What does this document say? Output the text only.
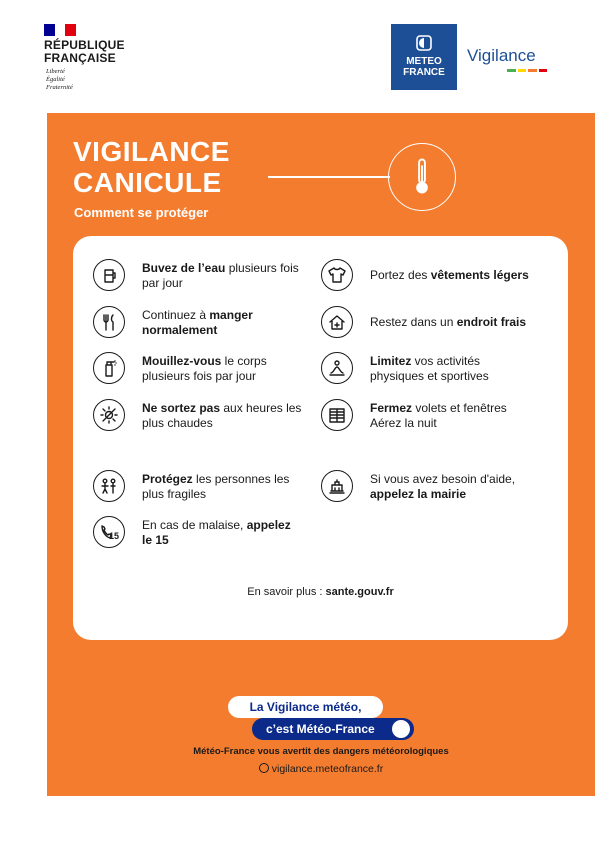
RÉPUBLIQUE
FRANÇAISE
Liberté
Égalité
Fraternité
METEO
FRANCE
Vigilance
VIGILANCE
CANICULE
Comment se protéger
Buvez de l’eau plusieurs fois par jour
Portez des vêtements légers
Continuez à manger normalement
Restez dans un endroit frais
Mouillez-vous le corps plusieurs fois par jour
Limitez vos activités physiques et sportives
Ne sortez pas aux heures les plus chaudes
Fermez volets et fenêtres Aérez la nuit
Protégez les personnes les plus fragiles
Si vous avez besoin d'aide, appelez la mairie
15
En cas de malaise, appelez le 15
En savoir plus : sante.gouv.fr
La Vigilance météo,
c’est Météo-France
Météo-France vous avertit des dangers météorologiques
vigilance.meteofrance.fr
